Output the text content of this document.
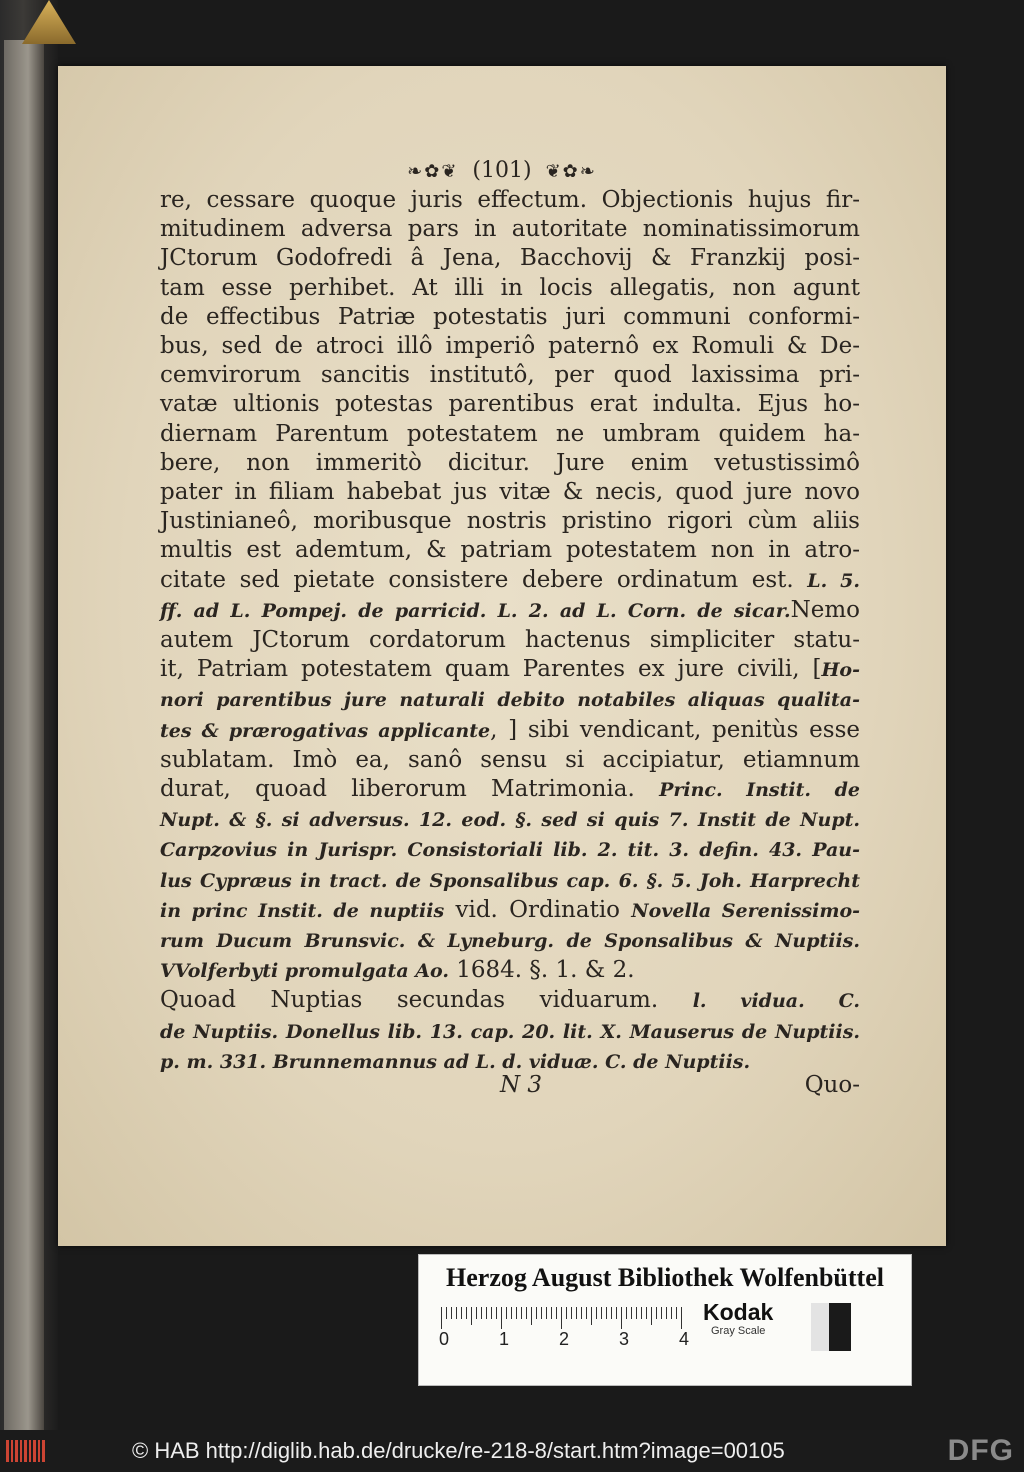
❧✿❦ (101) ❦✿❧
re, cessare quoque juris effectum. Objectionis hujus fir-
mitudinem adversa pars in autoritate nominatissimorum
JCtorum Godofredi â Jena, Bacchovij & Franzkij posi-
tam esse perhibet. At illi in locis allegatis, non agunt
de effectibus Patriæ potestatis juri communi conformi-
bus, sed de atroci illô imperiô paternô ex Romuli & De-
cemvirorum sancitis institutô, per quod laxissima pri-
vatæ ultionis potestas parentibus erat indulta. Ejus ho-
diernam Parentum potestatem ne umbram quidem ha-
bere, non immeritò dicitur. Jure enim vetustissimô
pater in filiam habebat jus vitæ & necis, quod jure novo
Justinianeô, moribusque nostris pristino rigori cùm aliis
multis est ademtum, & patriam potestatem non in atro-
citate sed pietate consistere debere ordinatum est. L. 5.
ff. ad L. Pompej. de parricid. L. 2. ad L. Corn. de sicar.Nemo
autem JCtorum cordatorum hactenus simpliciter statu-
it, Patriam potestatem quam Parentes ex jure civili, [Ho-
nori parentibus jure naturali debito notabiles aliquas qualita-
tes & prærogativas applicante, ] sibi vendicant, penitùs esse
sublatam. Imò ea, sanô sensu si accipiatur, etiamnum
durat, quoad liberorum Matrimonia. Princ. Instit. de
Nupt. & §. si adversus. 12. eod. §. sed si quis 7. Instit de Nupt.
Carpzovius in Jurispr. Consistoriali lib. 2. tit. 3. defin. 43. Pau-
lus Cypræus in tract. de Sponsalibus cap. 6. §. 5. Joh. Harprecht
in princ Instit. de nuptiis vid. Ordinatio Novella Serenissimo-
rum Ducum Brunsvic. & Lyneburg. de Sponsalibus & Nuptiis.
VVolferbyti promulgata Ao. 1684. §. 1. & 2.
Quoad Nuptias secundas viduarum. l. vidua. C.
de Nuptiis. Donellus lib. 13. cap. 20. lit. X. Mauserus de Nuptiis.
p. m. 331. Brunnemannus ad L. d. viduæ. C. de Nuptiis.
N 3	Quo-
Herzog August Bibliothek Wolfenbüttel
0	1	2	3	4
Kodak
Gray Scale
© HAB http://diglib.hab.de/drucke/re-218-8/start.htm?image=00105	DFG
